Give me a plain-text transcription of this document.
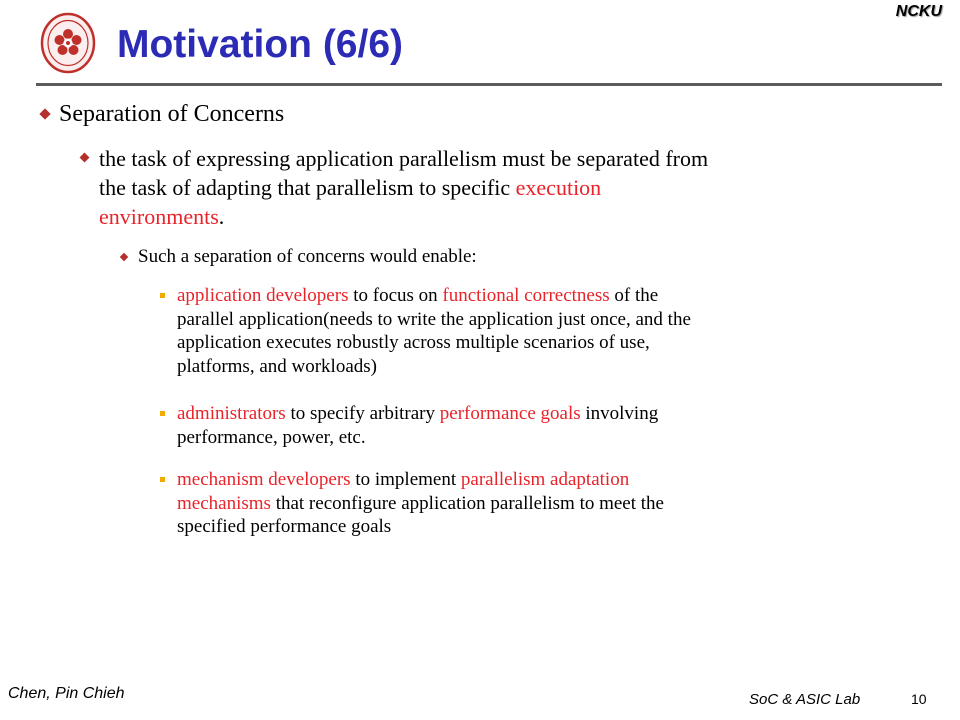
NCKU
Motivation (6/6)
Separation of Concerns
the task of expressing application parallelism must be separated from
the task of adapting that parallelism to specific execution
environments.
Such a separation of concerns would enable:
application developers to focus on functional correctness of the
parallel application(needs to write the application just once, and the
application executes robustly across multiple scenarios of use,
platforms, and workloads)
administrators to specify arbitrary performance goals involving
performance, power, etc.
mechanism developers to implement parallelism adaptation
mechanisms that reconfigure application parallelism to meet the
specified performance goals
Chen, Pin Chieh	SoC & ASIC Lab	10
